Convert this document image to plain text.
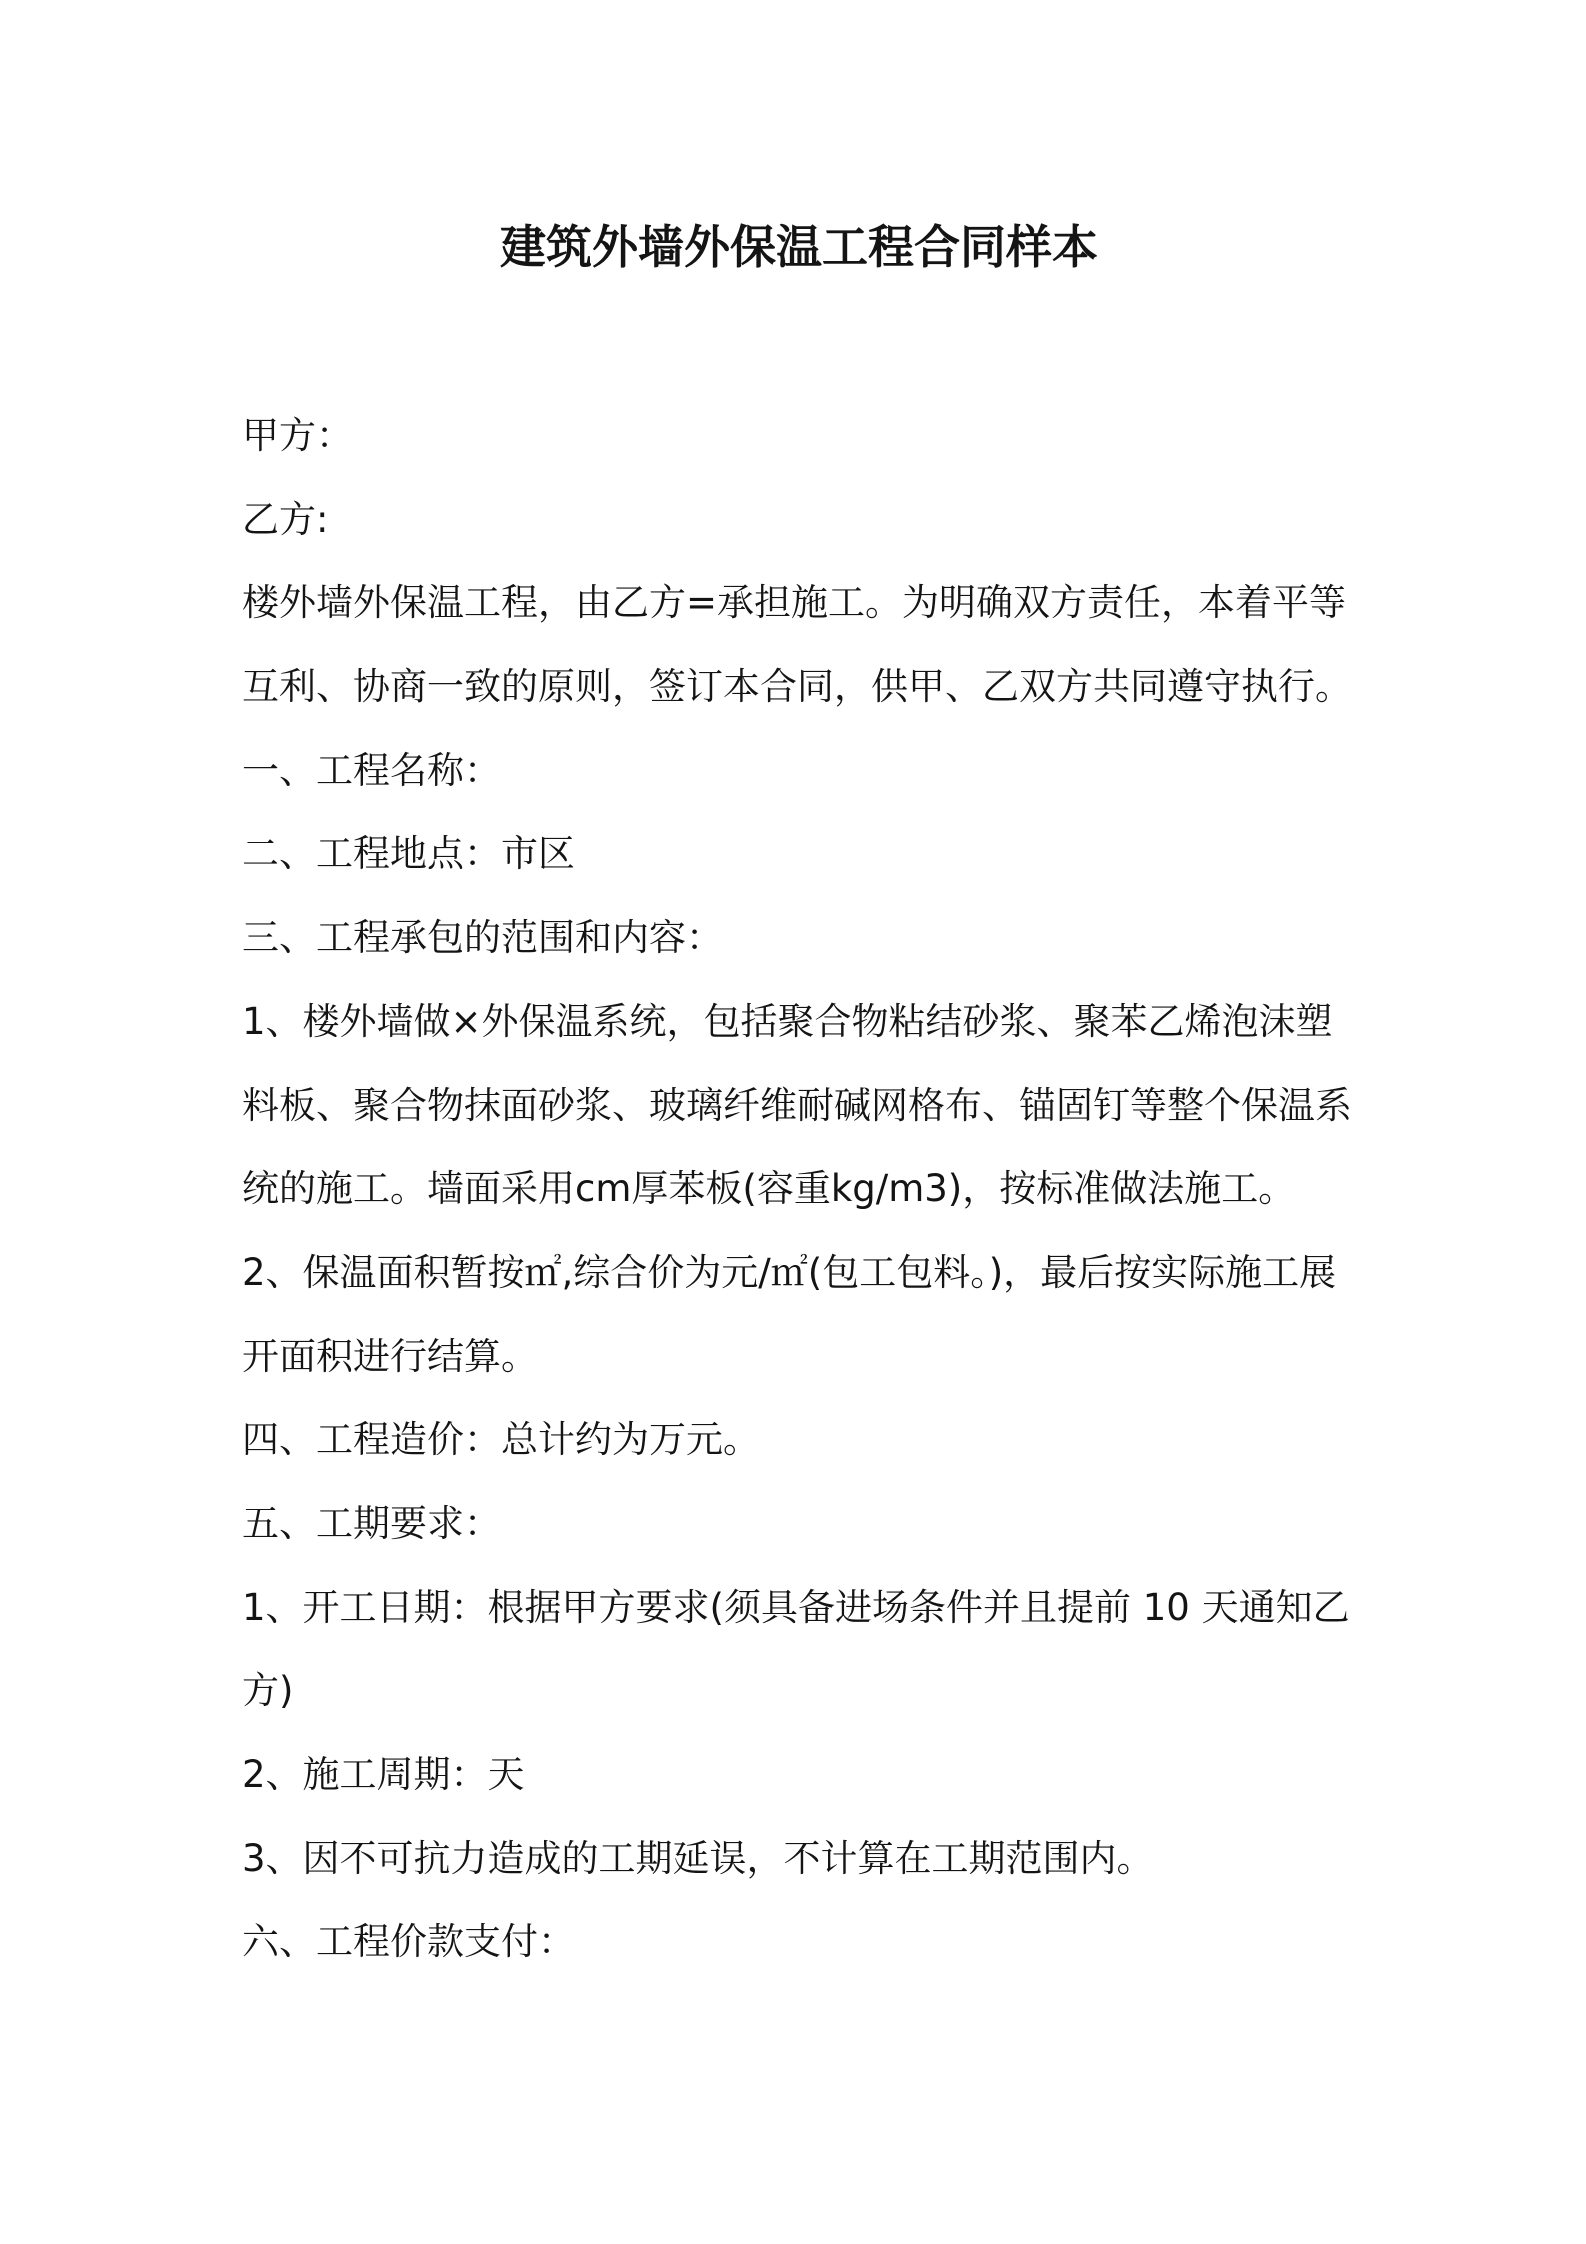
建筑外墙外保温工程合同样本

甲方：

乙方:

楼外墙外保温工程，由乙方=承担施工。为明确双方责任，本着平等

互利、协商一致的原则，签订本合同，供甲、乙双方共同遵守执行。

一、工程名称：

二、工程地点：市区

三、工程承包的范围和内容：

1、楼外墙做×外保温系统，包括聚合物粘结砂浆、聚苯乙烯泡沫塑

料板、聚合物抹面砂浆、玻璃纤维耐碱网格布、锚固钉等整个保温系

统的施工。墙面采用cm厚苯板(容重kg/m3)，按标准做法施工。

2、保温面积暂按㎡,综合价为元/㎡(包工包料。)，最后按实际施工展

开面积进行结算。

四、工程造价：总计约为万元。

五、工期要求：

1、开工日期：根据甲方要求(须具备进场条件并且提前 10 天通知乙

方)

2、施工周期：天

3、因不可抗力造成的工期延误，不计算在工期范围内。

六、工程价款支付：
